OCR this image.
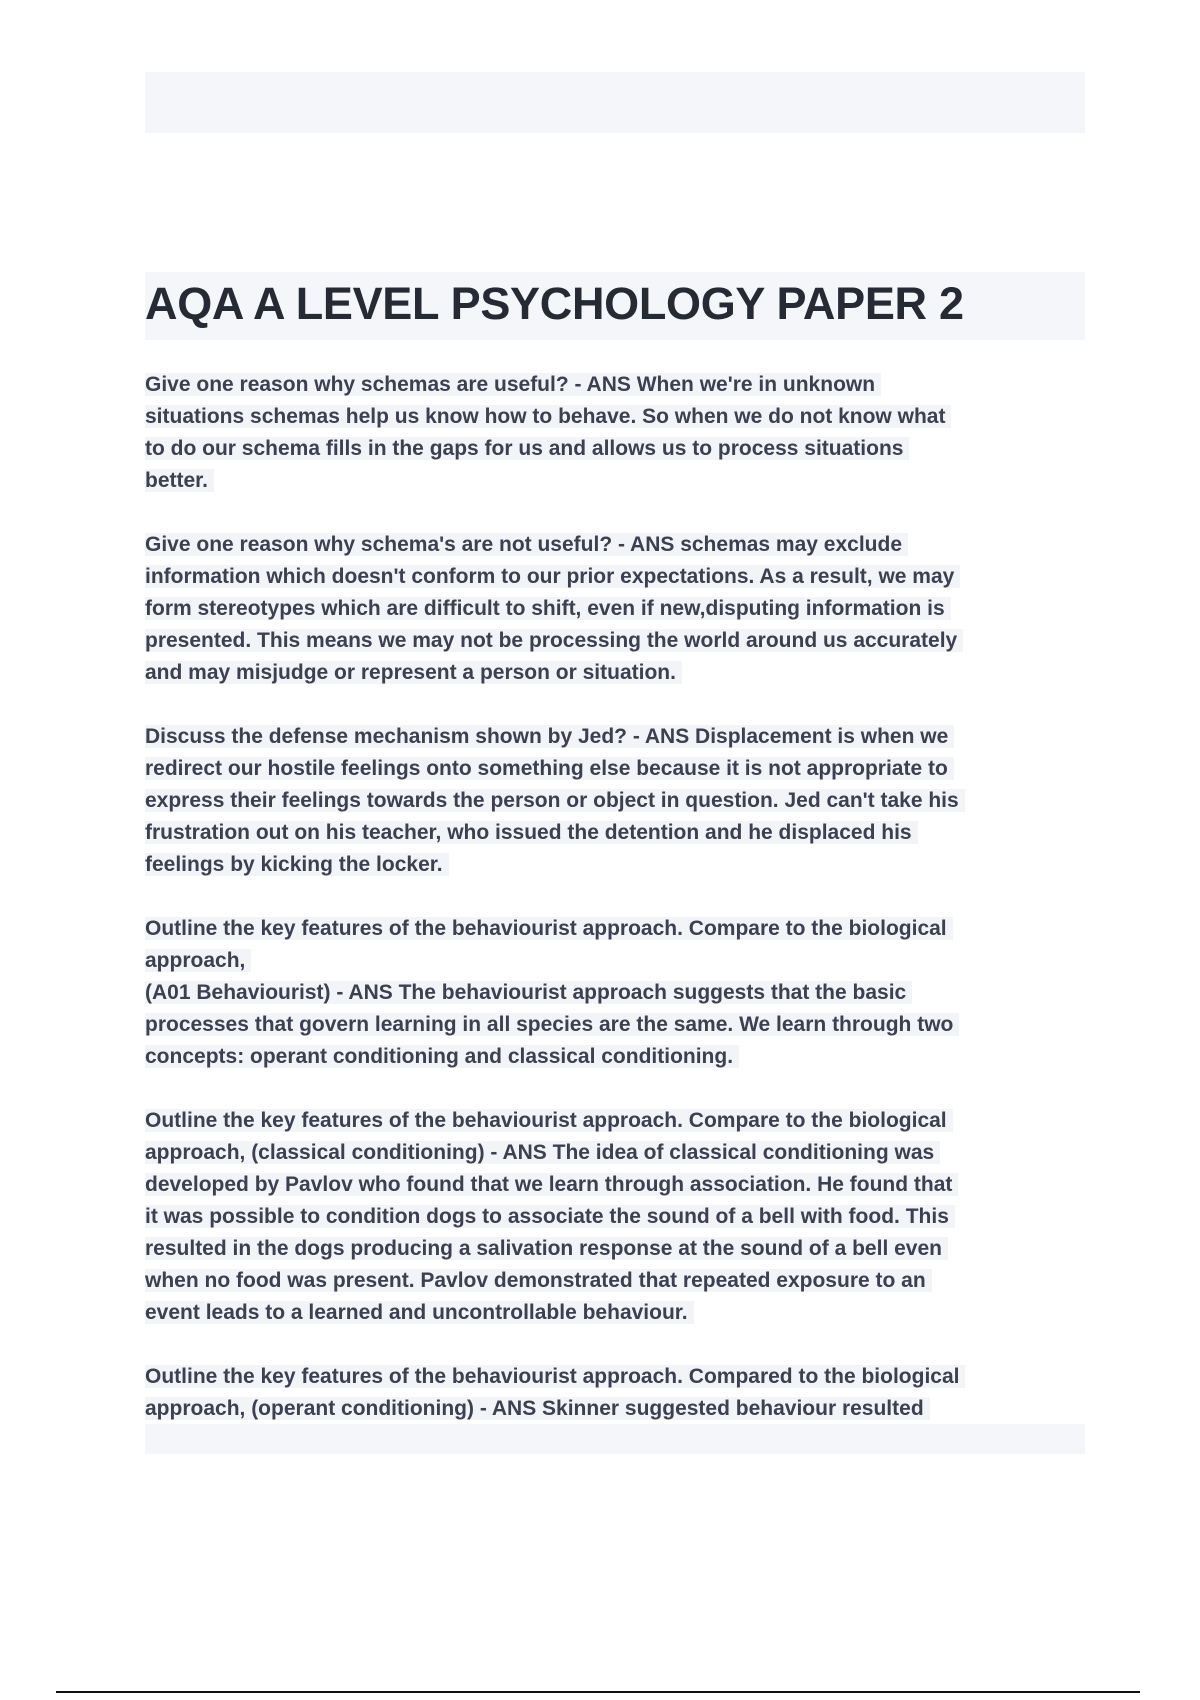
AQA A LEVEL PSYCHOLOGY PAPER 2
Give one reason why schemas are useful? - ANS When we're in unknown
situations schemas help us know how to behave. So when we do not know what
to do our schema fills in the gaps for us and allows us to process situations
better.
Give one reason why schema's are not useful? - ANS schemas may exclude
information which doesn't conform to our prior expectations. As a result, we may
form stereotypes which are difficult to shift, even if new,disputing information is
presented. This means we may not be processing the world around us accurately
and may misjudge or represent a person or situation.
Discuss the defense mechanism shown by Jed? - ANS Displacement is when we
redirect our hostile feelings onto something else because it is not appropriate to
express their feelings towards the person or object in question. Jed can't take his
frustration out on his teacher, who issued the detention and he displaced his
feelings by kicking the locker.
Outline the key features of the behaviourist approach. Compare to the biological
approach,
(A01 Behaviourist) - ANS The behaviourist approach suggests that the basic
processes that govern learning in all species are the same. We learn through two
concepts: operant conditioning and classical conditioning.
Outline the key features of the behaviourist approach. Compare to the biological
approach, (classical conditioning) - ANS The idea of classical conditioning was
developed by Pavlov who found that we learn through association. He found that
it was possible to condition dogs to associate the sound of a bell with food. This
resulted in the dogs producing a salivation response at the sound of a bell even
when no food was present. Pavlov demonstrated that repeated exposure to an
event leads to a learned and uncontrollable behaviour.
Outline the key features of the behaviourist approach. Compared to the biological
approach, (operant conditioning) - ANS Skinner suggested behaviour resulted
